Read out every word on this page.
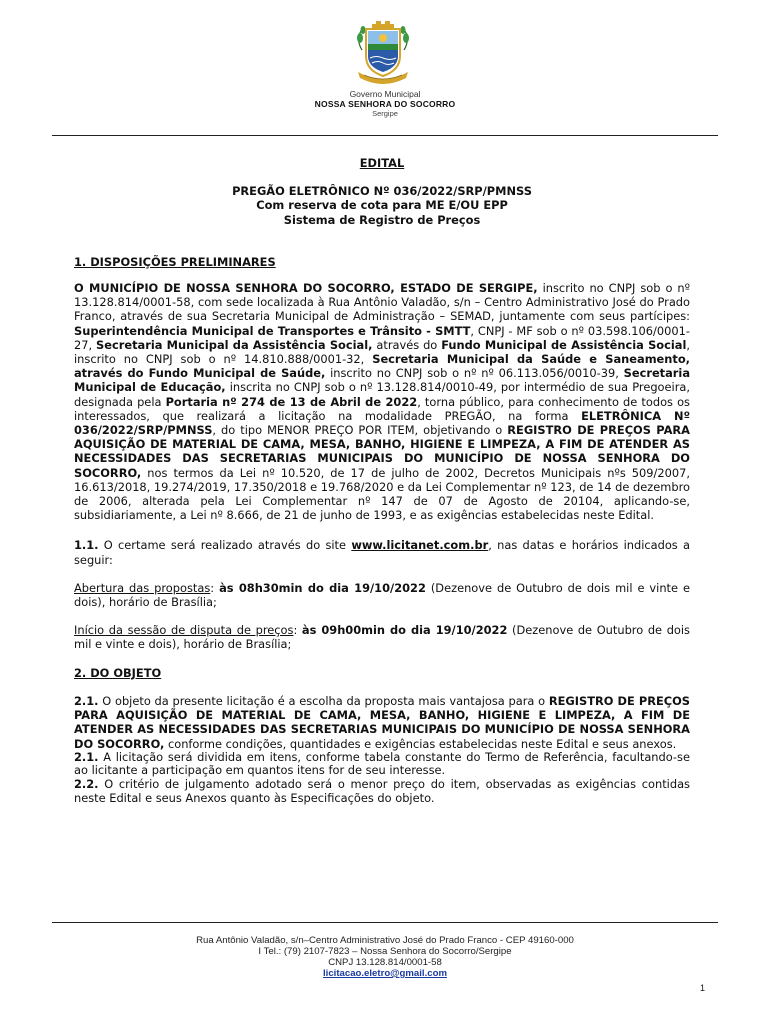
Governo Municipal
NOSSA SENHORA DO SOCORRO
Sergipe
EDITAL
PREGÃO ELETRÔNICO Nº 036/2022/SRP/PMNSS
Com reserva de cota para ME E/OU EPP
Sistema de Registro de Preços
1. DISPOSIÇÕES PRELIMINARES

O MUNICÍPIO DE NOSSA SENHORA DO SOCORRO, ESTADO DE SERGIPE, inscrito no CNPJ sob o nº 13.128.814/0001-58, com sede localizada à Rua Antônio Valadão, s/n – Centro Administrativo José do Prado Franco, através de sua Secretaria Municipal de Administração – SEMAD, juntamente com seus partícipes: Superintendência Municipal de Transportes e Trânsito - SMTT, CNPJ - MF sob o nº 03.598.106/0001-27, Secretaria Municipal da Assistência Social, através do Fundo Municipal de Assistência Social, inscrito no CNPJ sob o nº 14.810.888/0001-32, Secretaria Municipal da Saúde e Saneamento, através do Fundo Municipal de Saúde, inscrito no CNPJ sob o nº nº 06.113.056/0010-39, Secretaria Municipal de Educação, inscrita no CNPJ sob o nº 13.128.814/0010-49, por intermédio de sua Pregoeira, designada pela Portaria nº 274 de 13 de Abril de 2022, torna público, para conhecimento de todos os interessados, que realizará a licitação na modalidade PREGÃO, na forma ELETRÔNICA Nº 036/2022/SRP/PMNSS, do tipo MENOR PREÇO POR ITEM, objetivando o REGISTRO DE PREÇOS PARA AQUISIÇÃO DE MATERIAL DE CAMA, MESA, BANHO, HIGIENE E LIMPEZA, A FIM DE ATENDER AS NECESSIDADES DAS SECRETARIAS MUNICIPAIS DO MUNICÍPIO DE NOSSA SENHORA DO SOCORRO, nos termos da Lei nº 10.520, de 17 de julho de 2002, Decretos Municipais nºs 509/2007, 16.613/2018, 19.274/2019, 17.350/2018 e 19.768/2020 e da Lei Complementar nº 123, de 14 de dezembro de 2006, alterada pela Lei Complementar nº 147 de 07 de Agosto de 20104, aplicando-se, subsidiariamente, a Lei nº 8.666, de 21 de junho de 1993, e as exigências estabelecidas neste Edital.

1.1. O certame será realizado através do site www.licitanet.com.br, nas datas e horários indicados a seguir:

Abertura das propostas: às 08h30min do dia 19/10/2022 (Dezenove de Outubro de dois mil e vinte e dois), horário de Brasília;

Início da sessão de disputa de preços: às 09h00min do dia 19/10/2022 (Dezenove de Outubro de dois mil e vinte e dois), horário de Brasília;

2. DO OBJETO

2.1. O objeto da presente licitação é a escolha da proposta mais vantajosa para o REGISTRO DE PREÇOS PARA AQUISIÇÃO DE MATERIAL DE CAMA, MESA, BANHO, HIGIENE E LIMPEZA, A FIM DE ATENDER AS NECESSIDADES DAS SECRETARIAS MUNICIPAIS DO MUNICÍPIO DE NOSSA SENHORA DO SOCORRO, conforme condições, quantidades e exigências estabelecidas neste Edital e seus anexos.

2.1. A licitação será dividida em itens, conforme tabela constante do Termo de Referência, facultando-se ao licitante a participação em quantos itens for de seu interesse.

2.2. O critério de julgamento adotado será o menor preço do item, observadas as exigências contidas neste Edital e seus Anexos quanto às Especificações do objeto.

Rua Antônio Valadão, s/n–Centro Administrativo José do Prado Franco - CEP 49160-000
I Tel.: (79) 2107-7823 – Nossa Senhora do Socorro/Sergipe
CNPJ 13.128.814/0001-58
licitacao.eletro@gmail.com
1
